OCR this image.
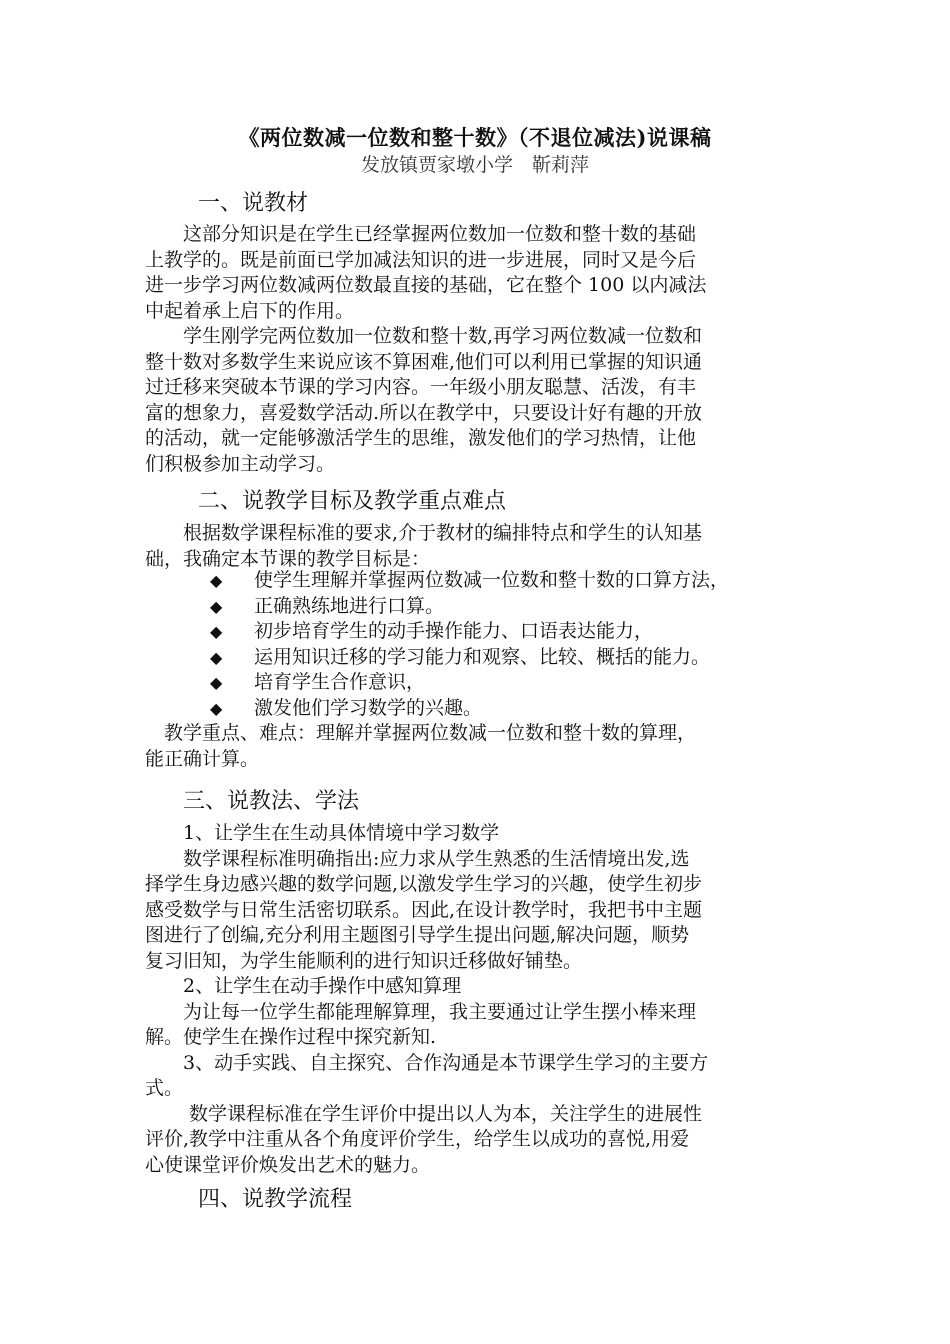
《两位数减一位数和整十数》（不退位减法)说课稿
发放镇贾家墩小学　靳莉萍
一、说教材
　　这部分知识是在学生已经掌握两位数加一位数和整十数的基础
上教学的。既是前面已学加减法知识的进一步进展，同时又是今后
进一步学习两位数减两位数最直接的基础，它在整个 100 以内减法
中起着承上启下的作用。
　　学生刚学完两位数加一位数和整十数,再学习两位数减一位数和
整十数对多数学生来说应该不算困难,他们可以利用已掌握的知识通
过迁移来突破本节课的学习内容。一年级小朋友聪慧、活泼，有丰
富的想象力，喜爱数学活动.所以在教学中，只要设计好有趣的开放
的活动，就一定能够激活学生的思维，激发他们的学习热情，让他
们积极参加主动学习。
二、说教学目标及教学重点难点
　　根据数学课程标准的要求,介于教材的编排特点和学生的认知基
础，我确定本节课的教学目标是：
◆ 使学生理解并掌握两位数减一位数和整十数的口算方法，
◆ 正确熟练地进行口算。
◆ 初步培育学生的动手操作能力、口语表达能力，
◆ 运用知识迁移的学习能力和观察、比较、概括的能力。
◆ 培育学生合作意识，
◆ 激发他们学习数学的兴趣。
　教学重点、难点：理解并掌握两位数减一位数和整十数的算理，
能正确计算。
三、说教法、学法
　　1、让学生在生动具体情境中学习数学
　　数学课程标准明确指出:应力求从学生熟悉的生活情境出发,选
择学生身边感兴趣的数学问题,以激发学生学习的兴趣，使学生初步
感受数学与日常生活密切联系。因此,在设计教学时，我把书中主题
图进行了创编,充分利用主题图引导学生提出问题,解决问题，顺势
复习旧知，为学生能顺利的进行知识迁移做好铺垫。
　　2、让学生在动手操作中感知算理
　　为让每一位学生都能理解算理，我主要通过让学生摆小棒来理
解。使学生在操作过程中探究新知.
　　3、动手实践、自主探究、合作沟通是本节课学生学习的主要方
式。
　　 数学课程标准在学生评价中提出以人为本，关注学生的进展性
评价,教学中注重从各个角度评价学生，给学生以成功的喜悦,用爱
心使课堂评价焕发出艺术的魅力。
四、说教学流程
